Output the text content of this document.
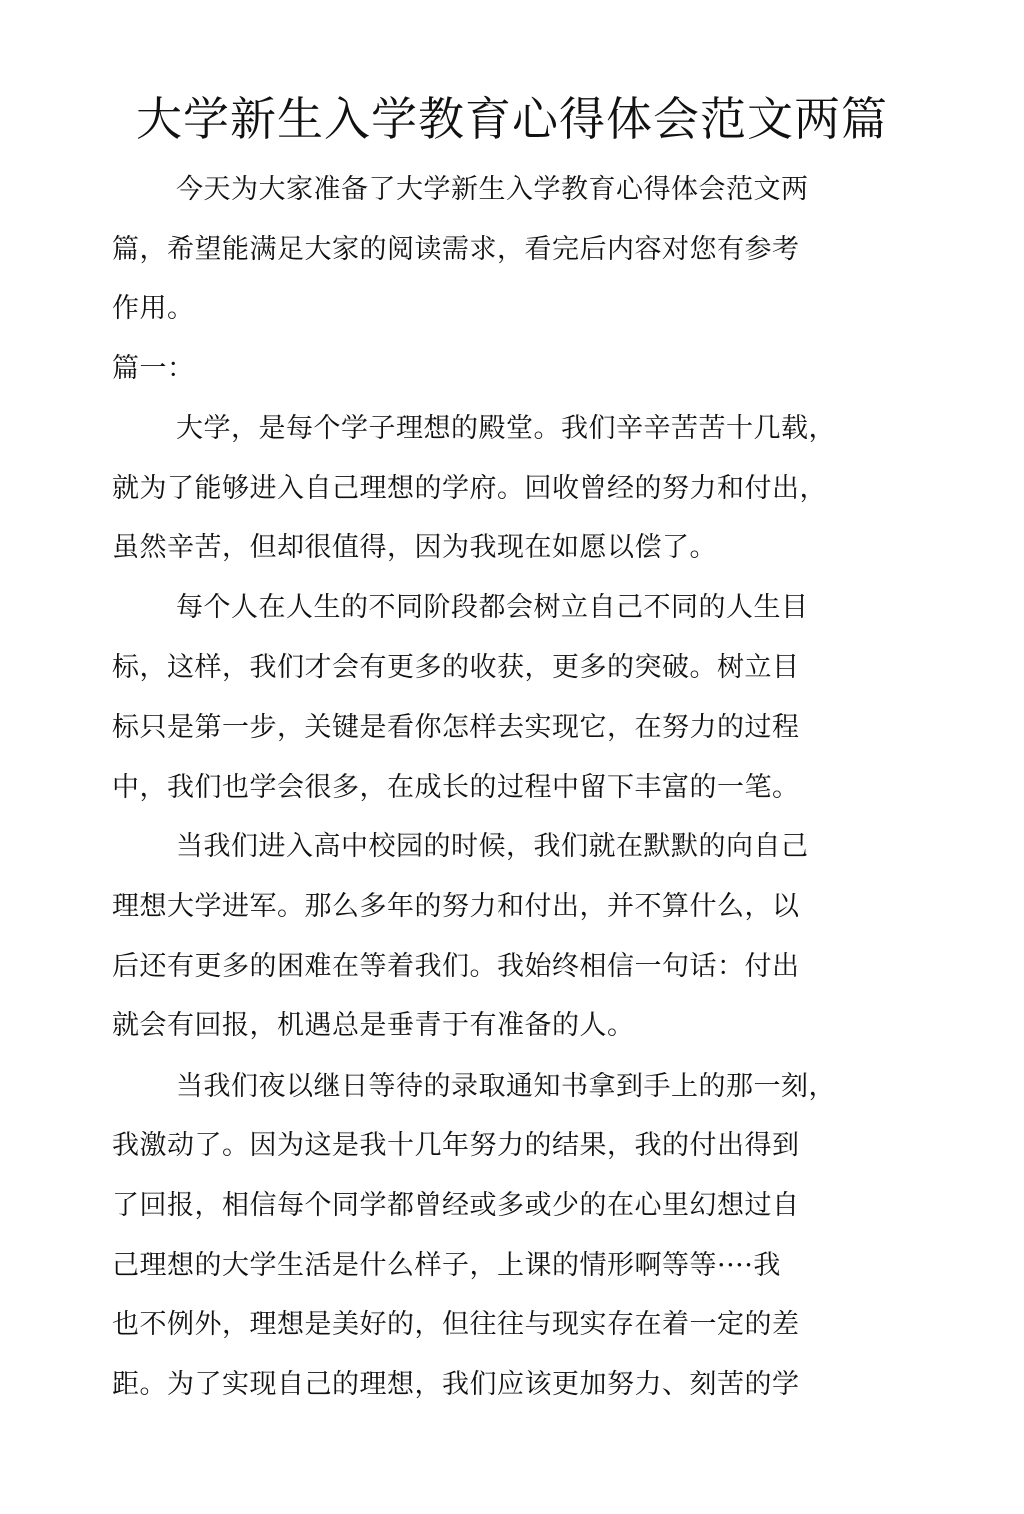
大学新生入学教育心得体会范文两篇
今天为大家准备了大学新生入学教育心得体会范文两
篇，希望能满足大家的阅读需求，看完后内容对您有参考
作用。
篇一：
大学，是每个学子理想的殿堂。我们辛辛苦苦十几载，
就为了能够进入自己理想的学府。回收曾经的努力和付出，
虽然辛苦，但却很值得，因为我现在如愿以偿了。
每个人在人生的不同阶段都会树立自己不同的人生目
标，这样，我们才会有更多的收获，更多的突破。树立目
标只是第一步，关键是看你怎样去实现它，在努力的过程
中，我们也学会很多，在成长的过程中留下丰富的一笔。
当我们进入高中校园的时候，我们就在默默的向自己
理想大学进军。那么多年的努力和付出，并不算什么，以
后还有更多的困难在等着我们。我始终相信一句话：付出
就会有回报，机遇总是垂青于有准备的人。
当我们夜以继日等待的录取通知书拿到手上的那一刻，
我激动了。因为这是我十几年努力的结果，我的付出得到
了回报，相信每个同学都曾经或多或少的在心里幻想过自
己理想的大学生活是什么样子，上课的情形啊等等····我
也不例外，理想是美好的，但往往与现实存在着一定的差
距。为了实现自己的理想，我们应该更加努力、刻苦的学
